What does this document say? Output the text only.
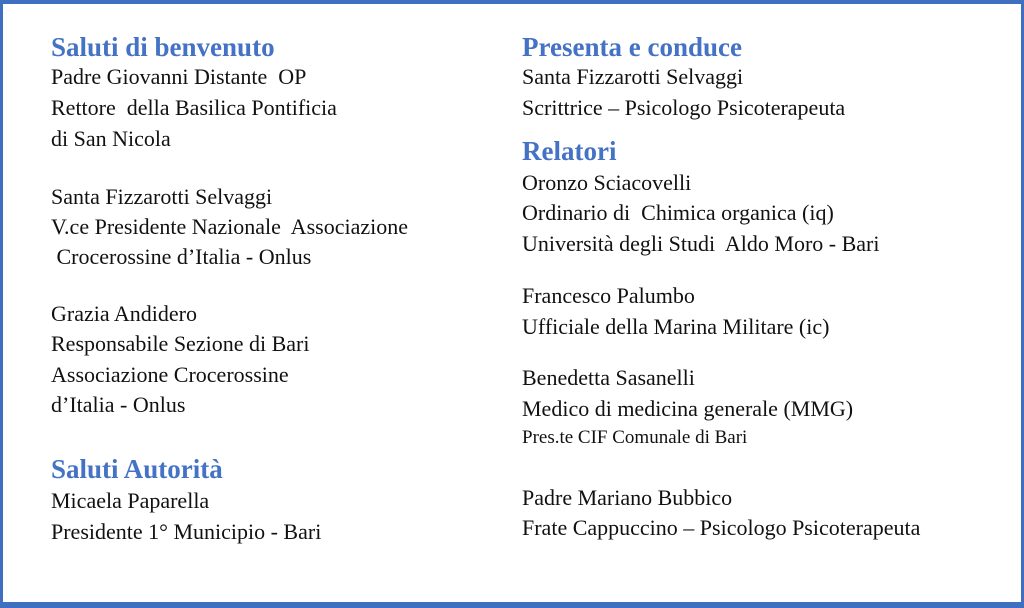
Saluti di benvenuto
Padre Giovanni Distante  OP
Rettore  della Basilica Pontificia
di San Nicola
Santa Fizzarotti Selvaggi
V.ce Presidente Nazionale  Associazione
Crocerossine d’Italia - Onlus
Grazia Andidero
Responsabile Sezione di Bari
Associazione Crocerossine
d’Italia - Onlus
Saluti Autorità
Micaela Paparella
Presidente 1° Municipio - Bari
Presenta e conduce
Santa Fizzarotti Selvaggi
Scrittrice – Psicologo Psicoterapeuta
Relatori
Oronzo Sciacovelli
Ordinario di  Chimica organica (iq)
Università degli Studi  Aldo Moro - Bari
Francesco Palumbo
Ufficiale della Marina Militare (ic)
Benedetta Sasanelli
Medico di medicina generale (MMG)
Pres.te CIF Comunale di Bari
Padre Mariano Bubbico
Frate Cappuccino – Psicologo Psicoterapeuta
